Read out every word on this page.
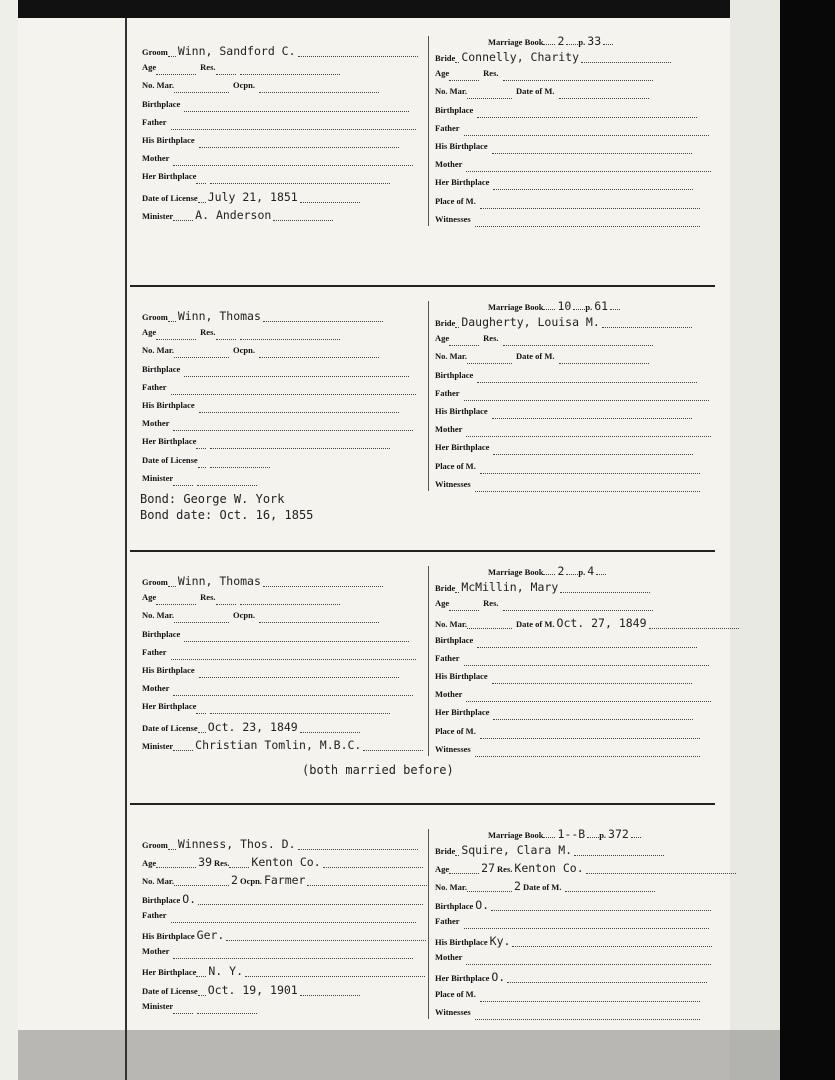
Groom Winn, Sandford C.
Age	Res.
No. Mar.	Ocpn.
Birthplace
Father
His Birthplace
Mother
Her Birthplace
Date of License July 21, 1851
Minister A. Anderson
Marriage Book 2 p. 33
Bride Connelly, Charity
Age	Res.
No. Mar.	Date of M.
Birthplace
Father
His Birthplace
Mother
Her Birthplace
Place of M.
Witnesses
Groom Winn, Thomas
Age	Res.
No. Mar.	Ocpn.
Birthplace
Father
His Birthplace
Mother
Her Birthplace
Date of License
Minister
Marriage Book 10 p. 61
Bride Daugherty, Louisa M.
Age	Res.
No. Mar.	Date of M.
Birthplace
Father
His Birthplace
Mother
Her Birthplace
Place of M.
Witnesses
Bond: George W. York
Bond date: Oct. 16, 1855
Groom Winn, Thomas
Age	Res.
No. Mar.	Ocpn.
Birthplace
Father
His Birthplace
Mother
Her Birthplace
Date of License Oct. 23, 1849
Minister Christian Tomlin, M.B.C.
Marriage Book 2 p. 4
Bride McMillin, Mary
Age	Res.
No. Mar.	Date of M. Oct. 27, 1849
Birthplace
Father
His Birthplace
Mother
Her Birthplace
Place of M.
Witnesses
(both married before)
Groom Winness, Thos. D.
Age	39 Res. Kenton Co.
No. Mar.	2 Ocpn. Farmer
Birthplace O.
Father
His Birthplace Ger.
Mother
Her Birthplace N. Y.
Date of License Oct. 19, 1901
Minister
Marriage Book 1--B p. 372
Bride Squire, Clara M.
Age	27 Res. Kenton Co.
No. Mar.	2 Date of M.
Birthplace O.
Father
His Birthplace Ky.
Mother
Her Birthplace O.
Place of M.
Witnesses
